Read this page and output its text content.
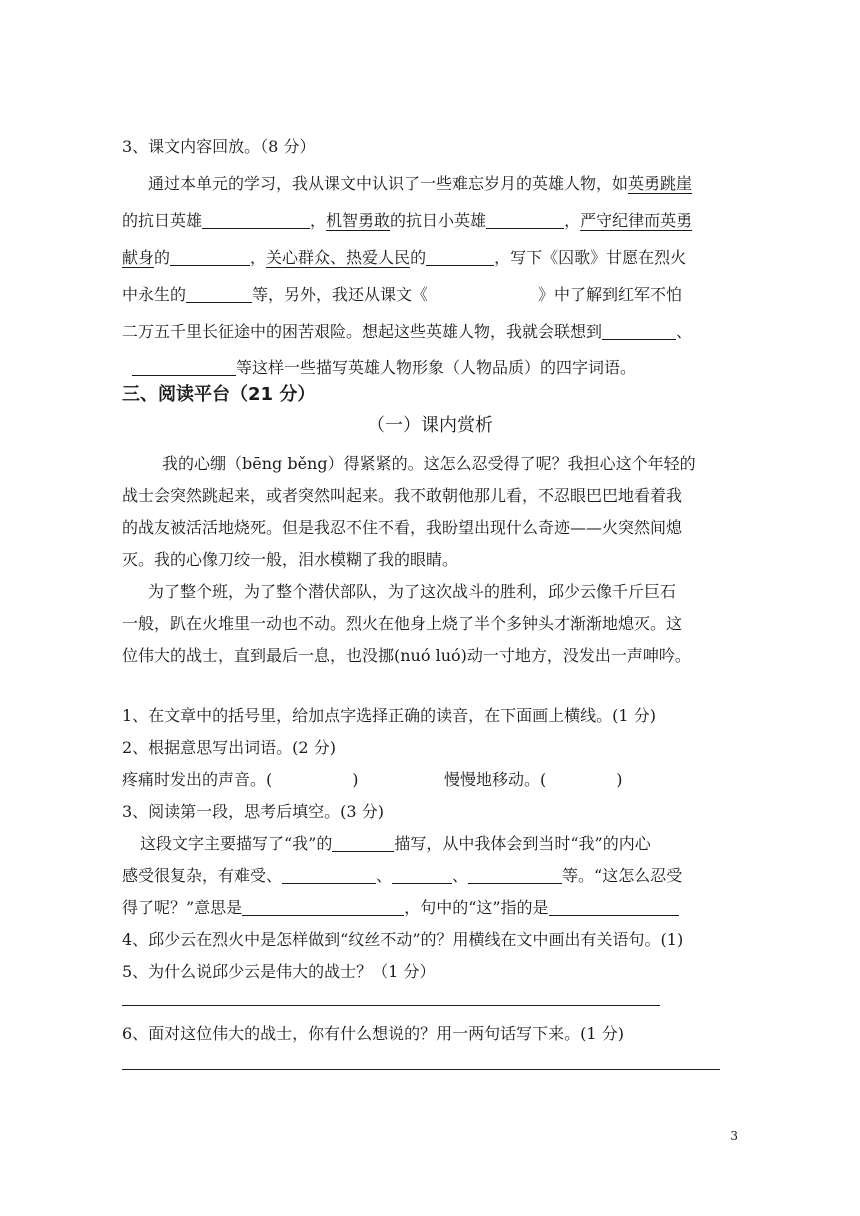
3、课文内容回放。（8 分）
通过本单元的学习，我从课文中认识了一些难忘岁月的英雄人物，如英勇跳崖
的抗日英雄	，机智勇敢的抗日小英雄	，严守纪律而英勇
献身的	，关心群众、热爱人民的	，写下《囚歌》甘愿在烈火
中永生的	等，另外，我还从课文《	》中了解到红军不怕
二万五千里长征途中的困苦艰险。想起这些英雄人物，我就会联想到	、
等这样一些描写英雄人物形象（人物品质）的四字词语。
三、阅读平台（21 分）
（一）课内赏析
我的心绷（bēng běng）得紧紧的。这怎么忍受得了呢？我担心这个年轻的
战士会突然跳起来，或者突然叫起来。我不敢朝他那儿看，不忍眼巴巴地看着我
的战友被活活地烧死。但是我忍不住不看，我盼望出现什么奇迹——火突然间熄
灭。我的心像刀绞一般，泪水模糊了我的眼睛。
为了整个班，为了整个潜伏部队，为了这次战斗的胜利，邱少云像千斤巨石
一般，趴在火堆里一动也不动。烈火在他身上烧了半个多钟头才渐渐地熄灭。这
位伟大的战士，直到最后一息，也没挪(nuó luó)动一寸地方，没发出一声呻吟。
1、在文章中的括号里，给加点字选择正确的读音，在下面画上横线。(1 分)
2、根据意思写出词语。(2 分)
疼痛时发出的声音。(	)	慢慢地移动。(	)
3、阅读第一段，思考后填空。(3 分)
这段文字主要描写了“我”的	描写，从中我体会到当时“我”的内心
感受很复杂，有难受、	、	、	等。“这怎么忍受
得了呢？”意思是	，句中的“这”指的是
4、邱少云在烈火中是怎样做到“纹丝不动”的？用横线在文中画出有关语句。(1)
5、为什么说邱少云是伟大的战士？（1 分）
6、面对这位伟大的战士，你有什么想说的？用一两句话写下来。(1 分)
3
